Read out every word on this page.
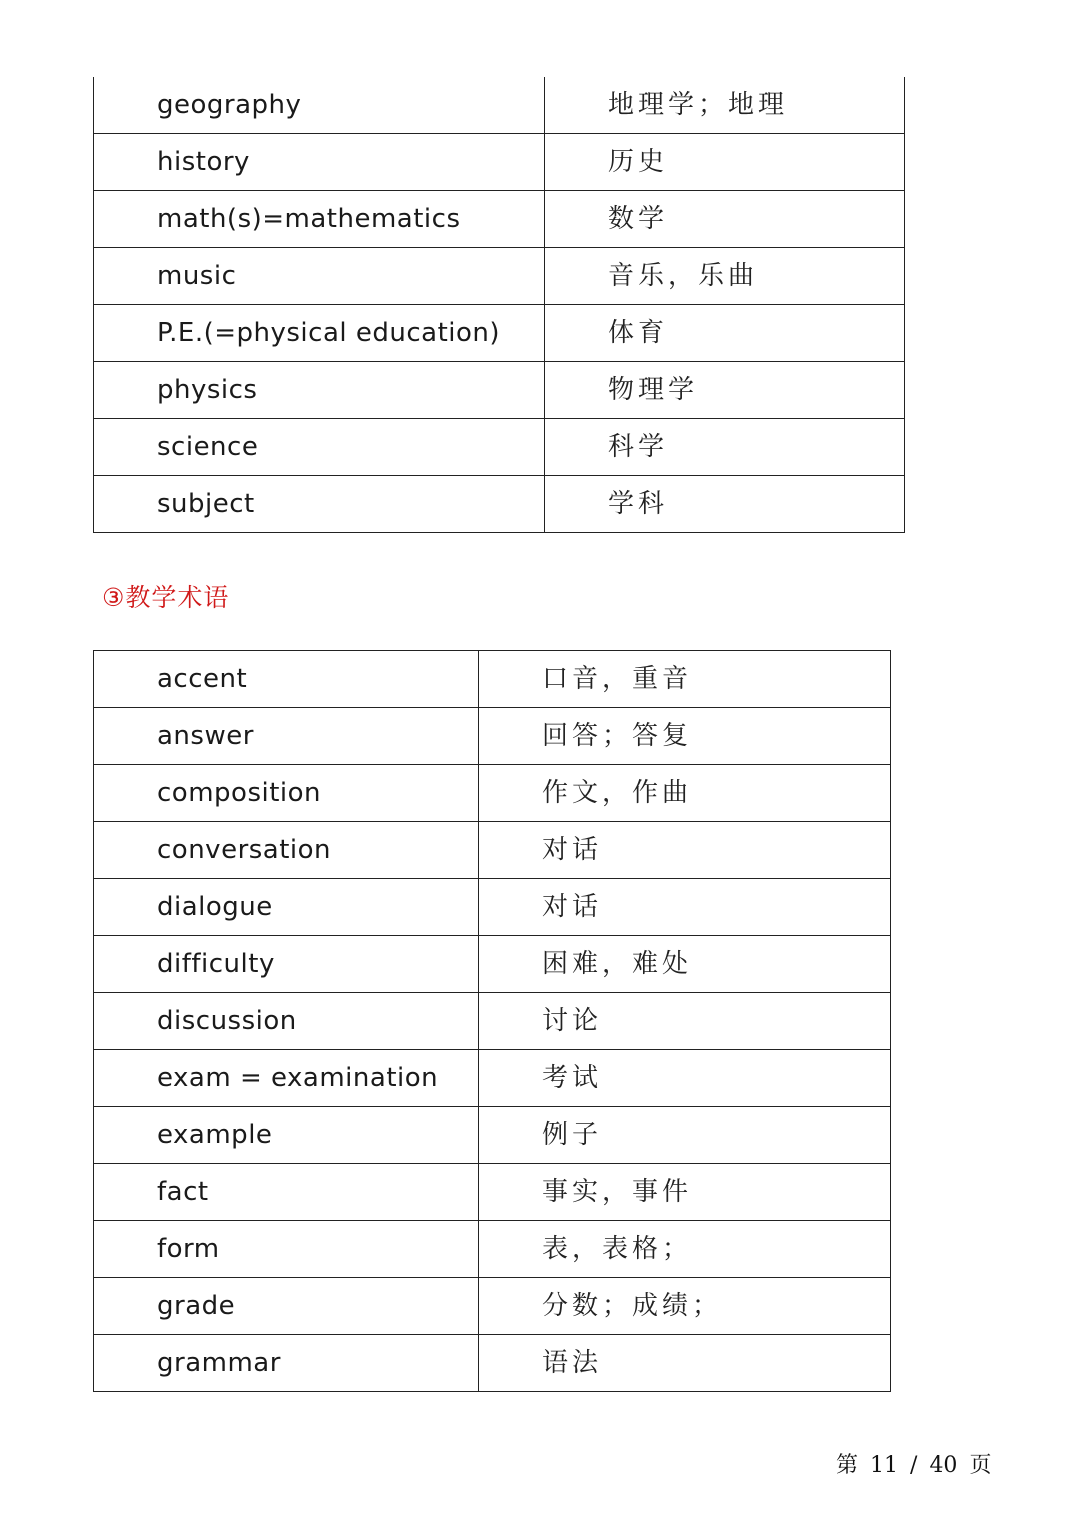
geography	地理学；地理
history	历史
math(s)=mathematics	数学
music	音乐，乐曲
P.E.(=physical education)	体育
physics	物理学
science	科学
subject	学科
③教学术语
accent	口音，重音
answer	回答；答复
composition	作文，作曲
conversation	对话
dialogue	对话
difficulty	困难，难处
discussion	讨论
exam = examination	考试
example	例子
fact	事实，事件
form	表，表格；
grade	分数；成绩；
grammar	语法
第 11 / 40 页
